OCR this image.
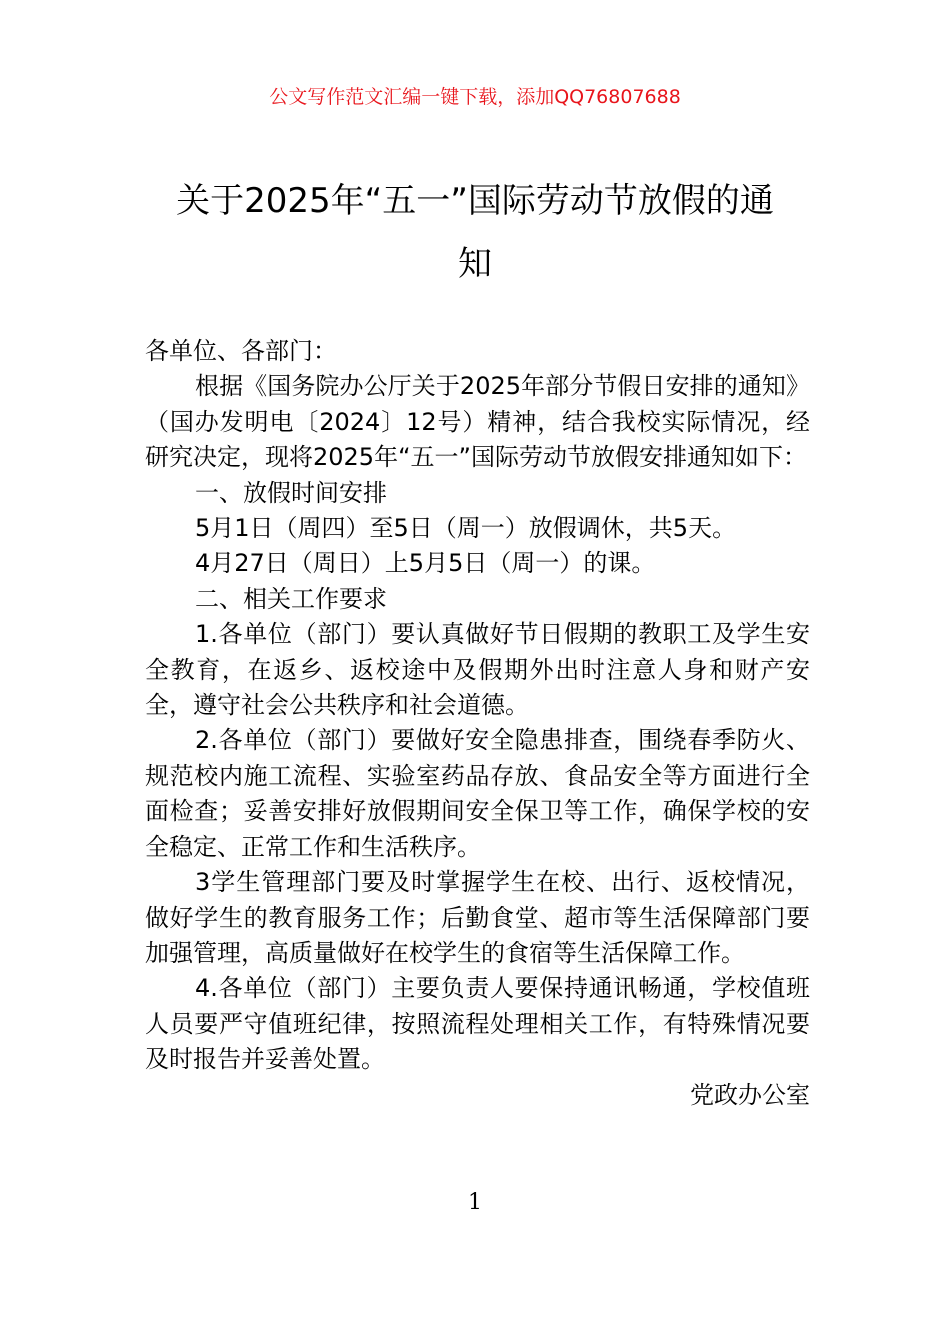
公文写作范文汇编一键下载，添加QQ76807688
关于2025年“五一”国际劳动节放假的通
知

各单位、各部门：

根据《国务院办公厅关于2025年部分节假日安排的通知》（国办发明电〔2024〕12号）精神，结合我校实际情况，经研究决定，现将2025年“五一”国际劳动节放假安排通知如下：

一、放假时间安排

5月1日（周四）至5日（周一）放假调休，共5天。

4月27日（周日）上5月5日（周一）的课。

二、相关工作要求

1.各单位（部门）要认真做好节日假期的教职工及学生安全教育，在返乡、返校途中及假期外出时注意人身和财产安全，遵守社会公共秩序和社会道德。

2.各单位（部门）要做好安全隐患排查，围绕春季防火、规范校内施工流程、实验室药品存放、食品安全等方面进行全面检查；妥善安排好放假期间安全保卫等工作，确保学校的安全稳定、正常工作和生活秩序。

3学生管理部门要及时掌握学生在校、出行、返校情况，做好学生的教育服务工作；后勤食堂、超市等生活保障部门要加强管理，高质量做好在校学生的食宿等生活保障工作。

4.各单位（部门）主要负责人要保持通讯畅通，学校值班人员要严守值班纪律，按照流程处理相关工作，有特殊情况要及时报告并妥善处置。

党政办公室

1
